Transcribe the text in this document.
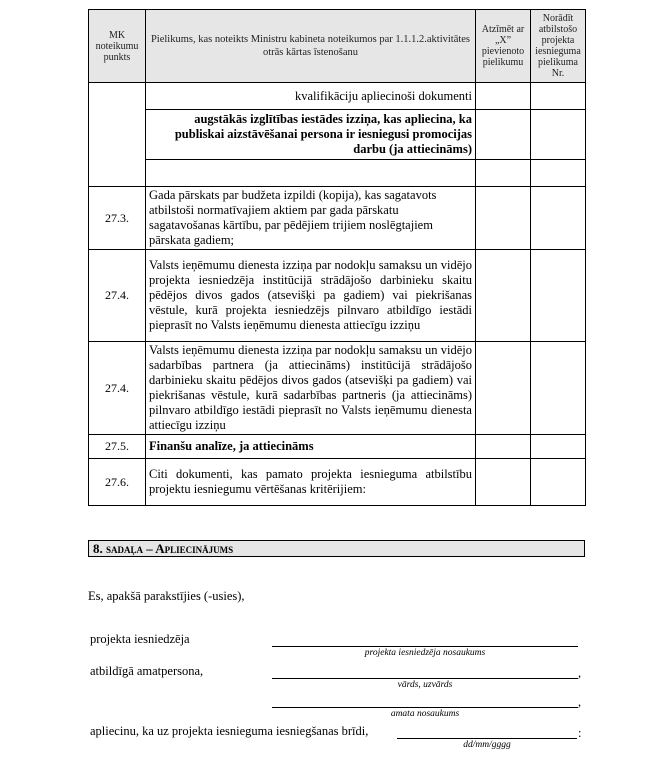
MK noteikumu punkts	Pielikums, kas noteikts Ministru kabineta noteikumos par 1.1.1.2.aktivitātes otrās kārtas īstenošanu	Atzīmēt ar „X” pievienoto pielikumu	Norādīt atbilstošo projekta iesnieguma pielikuma Nr.
	kvalifikāciju apliecinoši dokumenti		
	augstākās izglītības iestādes izziņa, kas apliecina, ka publiskai aizstāvēšanai persona ir iesniegusi promocijas darbu (ja attiecināms)		

27.3.	Gada pārskats par budžeta izpildi (kopija), kas sagatavots atbilstoši normatīvajiem aktiem par gada pārskatu sagatavošanas kārtību, par pēdējiem trijiem noslēgtajiem pārskata gadiem;		
27.4.	Valsts ieņēmumu dienesta izziņa par nodokļu samaksu un vidējo projekta iesniedzēja institūcijā strādājošo darbinieku skaitu pēdējos divos gados (atsevišķi pa gadiem) vai piekrišanas vēstule, kurā projekta iesniedzējs pilnvaro atbildīgo iestādi pieprasīt no Valsts ieņēmumu dienesta attiecīgu izziņu		
27.4.	Valsts ieņēmumu dienesta izziņa par nodokļu samaksu un vidējo sadarbības partnera (ja attiecināms) institūcijā strādājošo darbinieku skaitu pēdējos divos gados (atsevišķi pa gadiem) vai piekrišanas vēstule, kurā sadarbības partneris (ja attiecināms) pilnvaro atbildīgo iestādi pieprasīt no Valsts ieņēmumu dienesta attiecīgu izziņu		
27.5.	Finanšu analīze, ja attiecināms		
27.6.	Citi dokumenti, kas pamato projekta iesnieguma atbilstību projektu iesniegumu vērtēšanas kritērijiem:		
8. sadaļa – Apliecinājums
Es, apakšā parakstījies (-usies),
projekta iesniedzēja
projekta iesniedzēja nosaukums
atbildīgā amatpersona,	,
vārds, uzvārds
,
amata nosaukums
apliecinu, ka uz projekta iesnieguma iesniegšanas brīdi,	:
dd/mm/gggg
